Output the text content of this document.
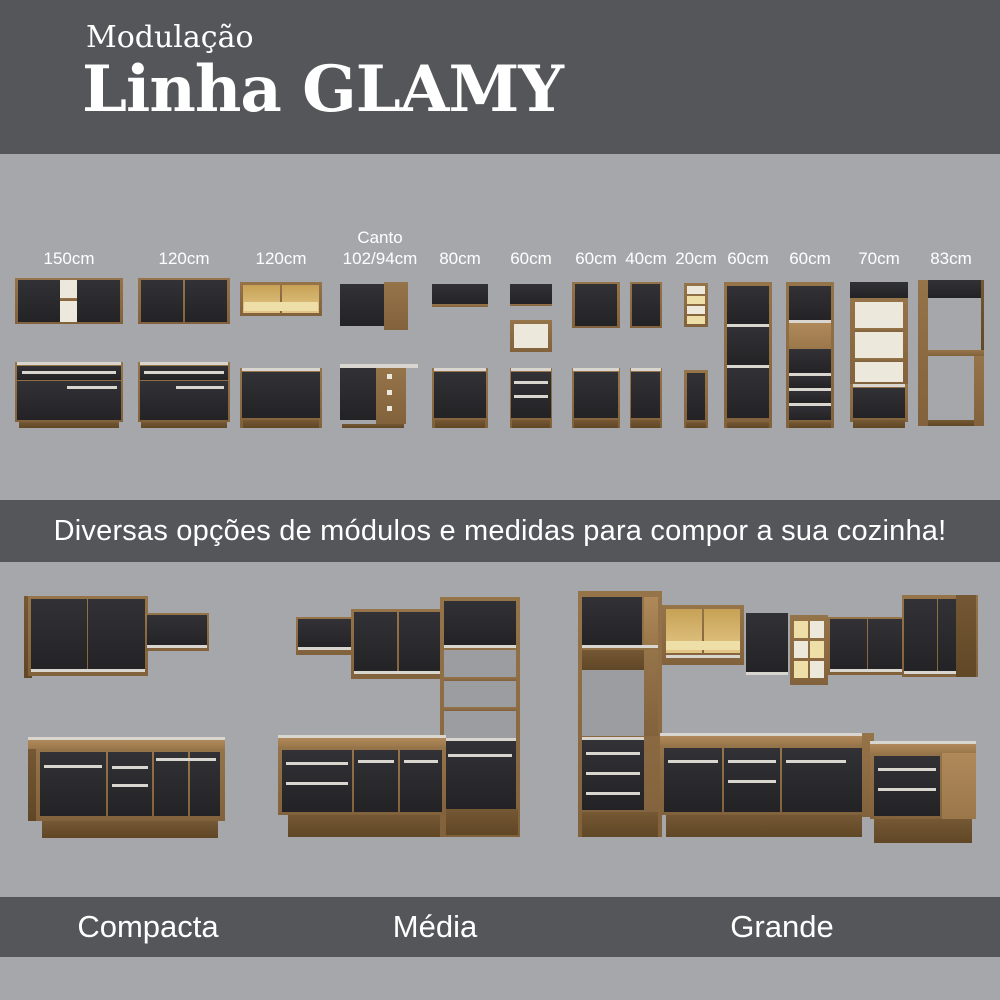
Modulação
Linha GLAMY
150cm	120cm	120cm
Canto
102/94cm 80cm 60cm 60cm 40cm 20cm 60cm 60cm 70cm 83cm
Diversas opções de módulos e medidas para compor a sua cozinha!
Compacta	Média	Grande
